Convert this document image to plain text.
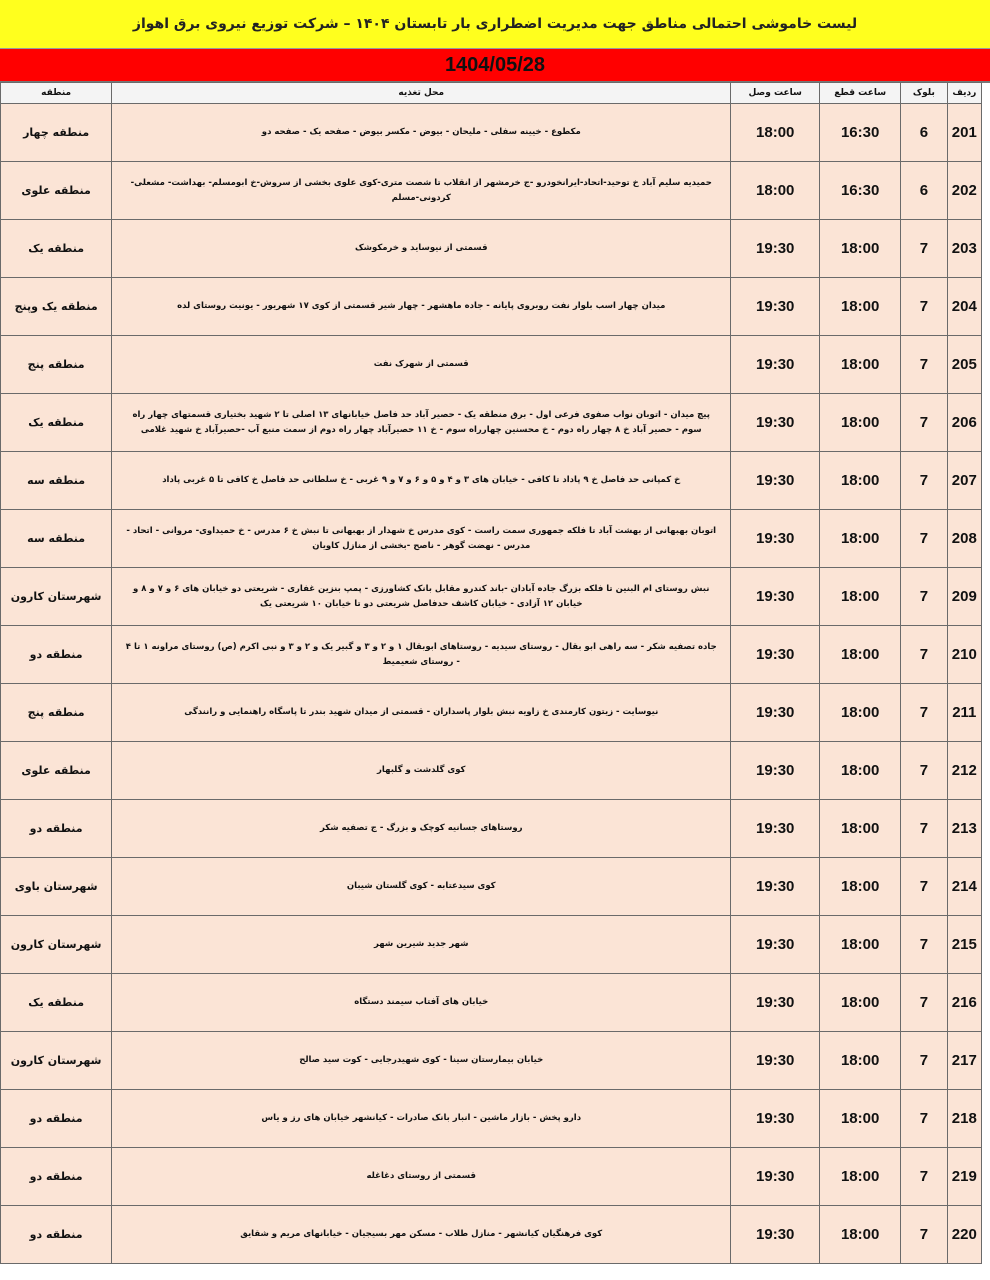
لیست خاموشی احتمالی مناطق جهت مدیریت اضطراری بار تابستان ۱۴۰۴ – شرکت توزیع نیروی برق اهواز
1404/05/28
ردیف	بلوک	ساعت قطع	ساعت وصل	محل تغذیه	منطقه
201	6	16:30	18:00	مکطوع - خیینه سفلی - ملیحان - بیوض - مکسر بیوض - صفحه یک - صفحه دو	منطقه چهار
202	6	16:30	18:00	حمیدیه سلیم آباد خ توحید-اتحاد-ایرانخودرو -ج خرمشهر از انقلاب تا شصت متری-کوی علوی بخشی از سروش-خ ابومسلم- بهداشت- مشعلی- کردونی-مسلم	منطقه علوی
203	7	18:00	19:30	قسمتی از نیوساید و خرمکوشک	منطقه یک
204	7	18:00	19:30	میدان چهار اسب بلوار نفت روبروی پایانه - جاده ماهشهر - چهار شیر قسمتی از کوی ۱۷ شهریور - یونیت روستای لده	منطقه یک وپنج
205	7	18:00	19:30	قسمتی از شهرک نفت	منطقه پنج
206	7	18:00	19:30	پیچ میدان - اتوبان نواب صفوی فرعی اول - برق منطقه یک - حصیر آباد حد فاصل خیابانهای ۱۳ اصلی تا ۲ شهید بختیاری قسمتهای چهار راه سوم - حصیر آباد خ ۸ چهار راه دوم - خ محسنین چهارراه سوم - خ ۱۱ حصیرآباد چهار راه دوم از سمت منبع آب -حصیرآباد خ شهید غلامی	منطقه یک
207	7	18:00	19:30	خ کمپانی حد فاصل خ ۹ پاداد تا کافی - خیابان های ۳ و ۴ و ۵ و ۶ و ۷ و ۹ غربی - خ سلطانی حد فاصل خ کافی تا ۵ غربی پاداد	منطقه سه
208	7	18:00	19:30	اتوبان بهبهانی از بهشت آباد تا فلکه جمهوری سمت راست - کوی مدرس خ شهدار از بهبهانی تا نبش خ ۶ مدرس - خ حمیداوی- مروانی - اتحاد - مدرس - نهضت گوهر - ناصح -بخشی از منازل کاویان	منطقه سه
209	7	18:00	19:30	نبش روستای ام البنین تا فلکه بزرگ جاده آبادان -باند کندرو مقابل بانک کشاورزی - پمپ بنزین غفاری - شریعتی دو خیابان های ۶ و ۷ و ۸ و خیابان ۱۲ آزادی - خیابان کاشف حدفاصل شریعتی دو تا خیابان ۱۰ شریعتی یک	شهرستان کارون
210	7	18:00	19:30	جاده تصفیه شکر - سه راهی ابو بقال - روستای سیدیه - روستاهای ابوبقال ۱ و ۲ و ۳ و گبیر یک و ۲ و ۳ و نبی اکرم (ص) روستای مراونه ۱ تا ۴ - روستای شعیمیط	منطقه دو
211	7	18:00	19:30	نیوسایت - زیتون کارمندی خ زاویه نبش بلوار پاسداران - قسمتی از میدان شهید بندر تا پاسگاه راهنمایی و رانندگی	منطقه پنج
212	7	18:00	19:30	کوی گلدشت و گلبهار	منطقه علوی
213	7	18:00	19:30	روستاهای جسانیه کوچک و بزرگ - ج تصفیه شکر	منطقه دو
214	7	18:00	19:30	کوی سیدعتابه - کوی گلستان شیبان	شهرستان باوی
215	7	18:00	19:30	شهر جدید شیرین شهر	شهرستان کارون
216	7	18:00	19:30	خیابان های آفتاب سیمند دستگاه	منطقه یک
217	7	18:00	19:30	خیابان بیمارستان سینا - کوی شهیدرجایی - کوت سید صالح	شهرستان کارون
218	7	18:00	19:30	دارو پخش - بازار ماشین - انبار بانک صادرات - کیانشهر خیابان های رز و یاس	منطقه دو
219	7	18:00	19:30	قسمتی از روستای دغاغله	منطقه دو
220	7	18:00	19:30	کوی فرهنگیان کیانشهر - منازل طلاب - مسکن مهر بسیجیان - خیابانهای مریم و شقایق	منطقه دو
